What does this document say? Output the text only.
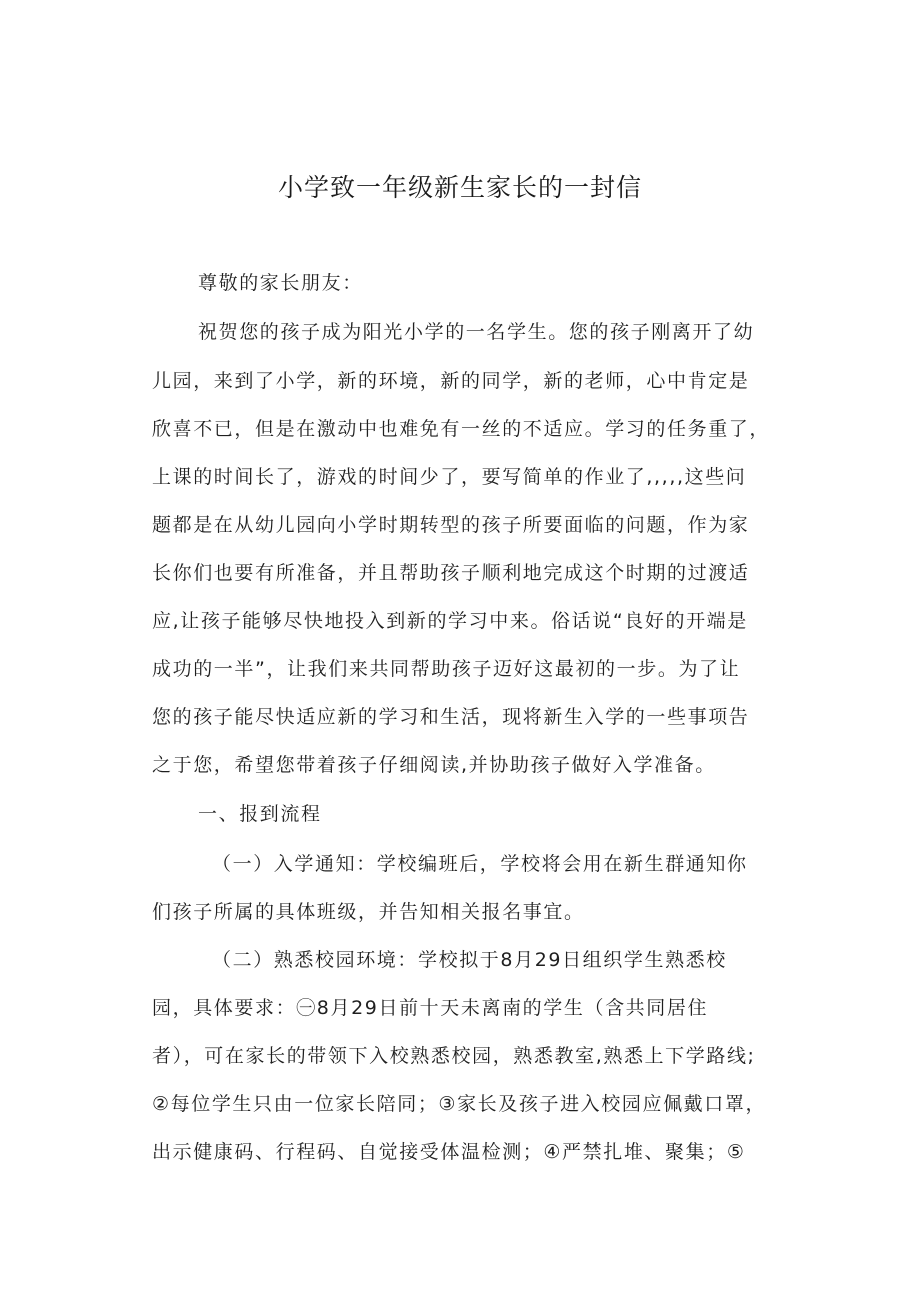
小学致一年级新生家长的一封信
尊敬的家长朋友：
祝贺您的孩子成为阳光小学的一名学生。您的孩子刚离开了幼
儿园，来到了小学，新的环境，新的同学，新的老师，心中肯定是
欣喜不已，但是在激动中也难免有一丝的不适应。学习的任务重了，
上课的时间长了，游戏的时间少了，要写简单的作业了,,,,,这些问
题都是在从幼儿园向小学时期转型的孩子所要面临的问题，作为家
长你们也要有所准备，并且帮助孩子顺利地完成这个时期的过渡适
应,让孩子能够尽快地投入到新的学习中来。俗话说“良好的开端是
成功的一半”，让我们来共同帮助孩子迈好这最初的一步。为了让
您的孩子能尽快适应新的学习和生活，现将新生入学的一些事项告
之于您，希望您带着孩子仔细阅读,并协助孩子做好入学准备。
一、报到流程
（一）入学通知：学校编班后，学校将会用在新生群通知你
们孩子所属的具体班级，并告知相关报名事宜。
（二）熟悉校园环境：学校拟于8月29日组织学生熟悉校
园，具体要求：㊀8月29日前十天未离南的学生（含共同居住
者），可在家长的带领下入校熟悉校园，熟悉教室,熟悉上下学路线;
②每位学生只由一位家长陪同；③家长及孩子进入校园应佩戴口罩，
出示健康码、行程码、自觉接受体温检测；④严禁扎堆、聚集；⑤
